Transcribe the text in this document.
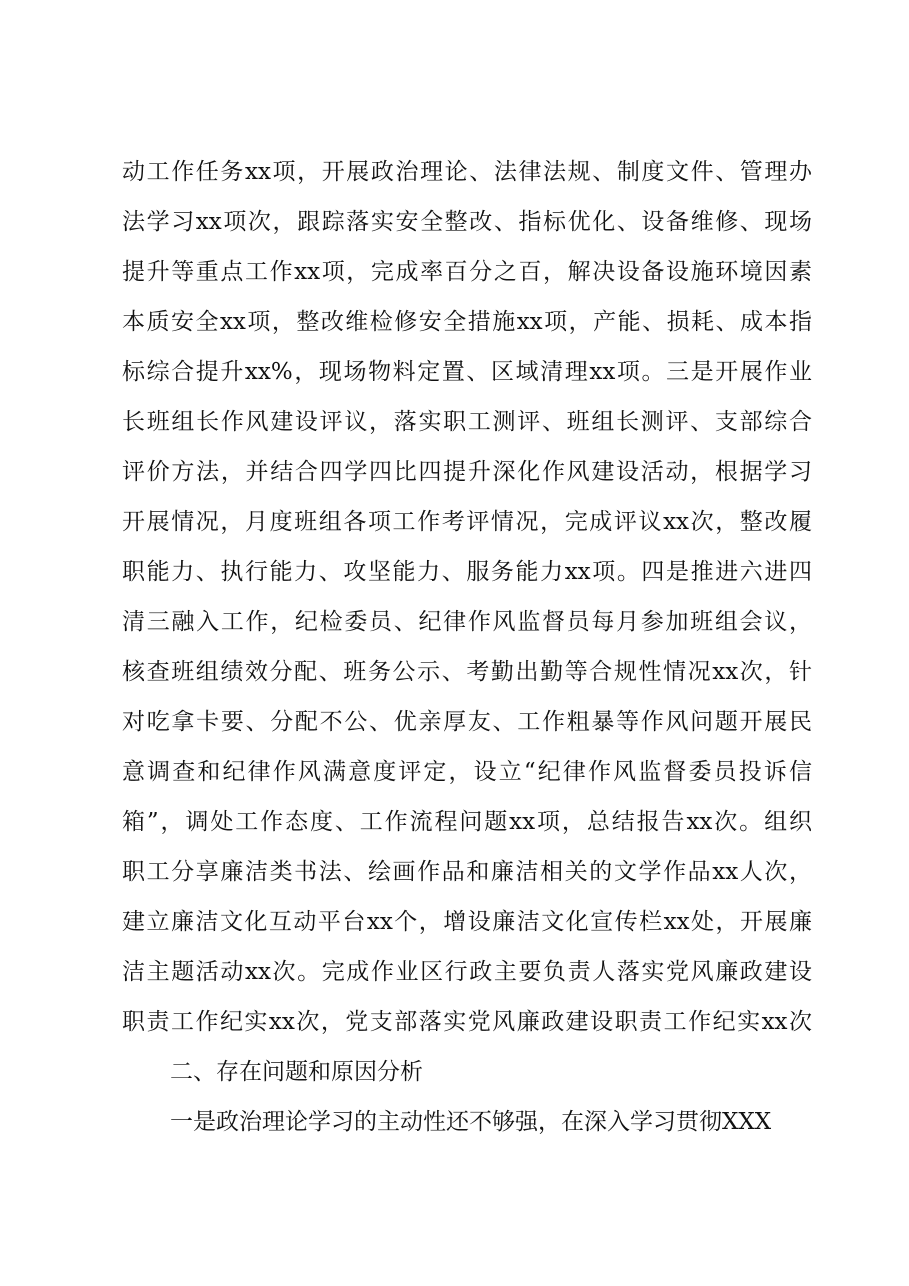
动工作任务xx项，开展政治理论、法律法规、制度文件、管理办
法学习xx项次，跟踪落实安全整改、指标优化、设备维修、现场
提升等重点工作xx项，完成率百分之百，解决设备设施环境因素
本质安全xx项，整改维检修安全措施xx项，产能、损耗、成本指
标综合提升xx%，现场物料定置、区域清理xx项。三是开展作业
长班组长作风建设评议，落实职工测评、班组长测评、支部综合
评价方法，并结合四学四比四提升深化作风建设活动，根据学习
开展情况，月度班组各项工作考评情况，完成评议xx次，整改履
职能力、执行能力、攻坚能力、服务能力xx项。四是推进六进四
清三融入工作，纪检委员、纪律作风监督员每月参加班组会议，
核查班组绩效分配、班务公示、考勤出勤等合规性情况xx次，针
对吃拿卡要、分配不公、优亲厚友、工作粗暴等作风问题开展民
意调查和纪律作风满意度评定，设立“纪律作风监督委员投诉信
箱”，调处工作态度、工作流程问题xx项，总结报告xx次。组织
职工分享廉洁类书法、绘画作品和廉洁相关的文学作品xx人次，
建立廉洁文化互动平台xx个，增设廉洁文化宣传栏xx处，开展廉
洁主题活动xx次。完成作业区行政主要负责人落实党风廉政建设
职责工作纪实xx次，党支部落实党风廉政建设职责工作纪实xx次
二、存在问题和原因分析
一是政治理论学习的主动性还不够强，在深入学习贯彻XXX
